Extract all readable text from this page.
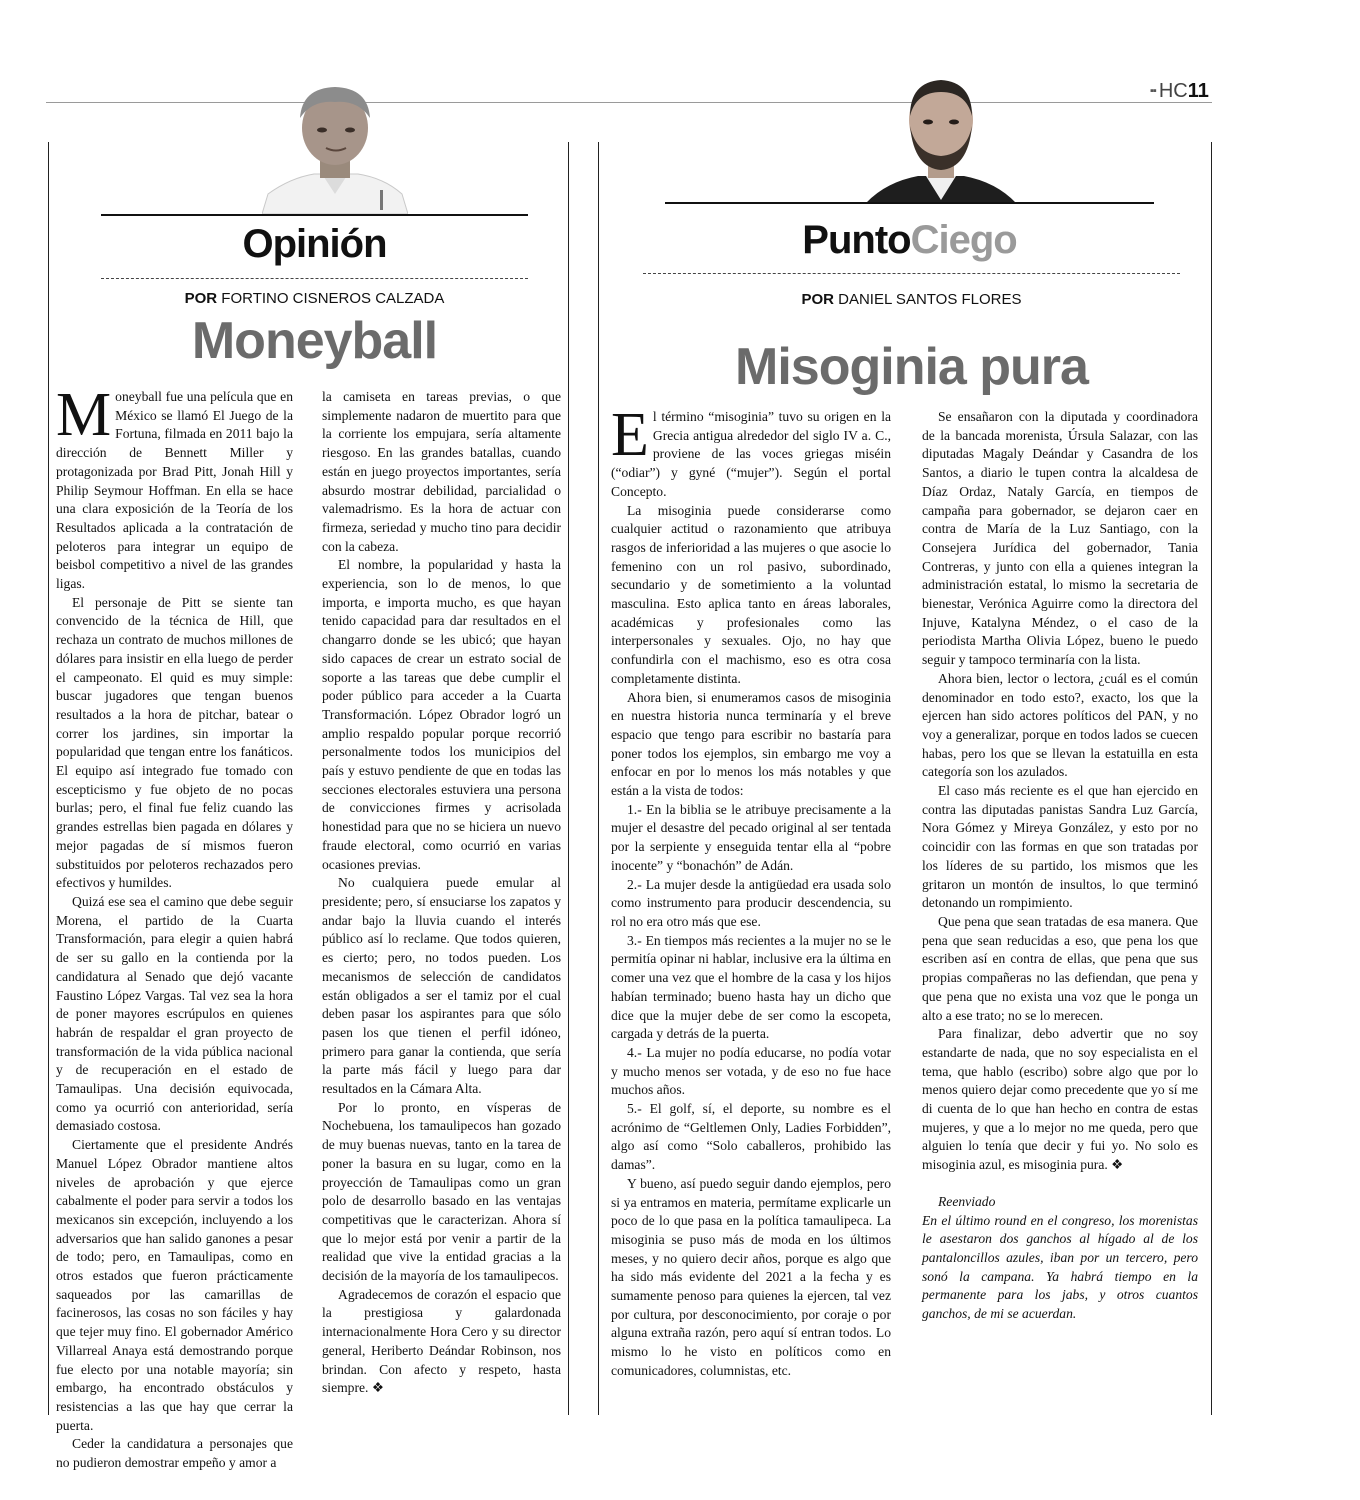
▪▪ HC11
Opinión
POR FORTINO CISNEROS CALZADA
Moneyball

Moneyball fue una película que en México se llamó El Juego de la Fortuna, filmada en 2011 bajo la dirección de Bennett Miller y protagonizada por Brad Pitt, Jonah Hill y Philip Seymour Hoffman. En ella se hace una clara exposición de la Teoría de los Resultados aplicada a la contratación de peloteros para integrar un equipo de beisbol competitivo a nivel de las grandes ligas.

El personaje de Pitt se siente tan convencido de la técnica de Hill, que rechaza un contrato de muchos millones de dólares para insistir en ella luego de perder el campeonato. El quid es muy simple: buscar jugadores que tengan buenos resultados a la hora de pitchar, batear o correr los jardines, sin importar la popularidad que tengan entre los fanáticos. El equipo así integrado fue tomado con escepticismo y fue objeto de no pocas burlas; pero, el final fue feliz cuando las grandes estrellas bien pagada en dólares y mejor pagadas de sí mismos fueron substituidos por peloteros rechazados pero efectivos y humildes.

Quizá ese sea el camino que debe seguir Morena, el partido de la Cuarta Transformación, para elegir a quien habrá de ser su gallo en la contienda por la candidatura al Senado que dejó vacante Faustino López Vargas. Tal vez sea la hora de poner mayores escrúpulos en quienes habrán de respaldar el gran proyecto de transformación de la vida pública nacional y de recuperación en el estado de Tamaulipas. Una decisión equivocada, como ya ocurrió con anterioridad, sería demasiado costosa.

Ciertamente que el presidente Andrés Manuel López Obrador mantiene altos niveles de aprobación y que ejerce cabalmente el poder para servir a todos los mexicanos sin excepción, incluyendo a los adversarios que han salido ganones a pesar de todo; pero, en Tamaulipas, como en otros estados que fueron prácticamente saqueados por las camarillas de facinerosos, las cosas no son fáciles y hay que tejer muy fino. El gobernador Américo Villarreal Anaya está demostrando porque fue electo por una notable mayoría; sin embargo, ha encontrado obstáculos y resistencias a las que hay que cerrar la puerta.

Ceder la candidatura a personajes que no pudieron demostrar empeño y amor a

la camiseta en tareas previas, o que simplemente nadaron de muertito para que la corriente los empujara, sería altamente riesgoso. En las grandes batallas, cuando están en juego proyectos importantes, sería absurdo mostrar debilidad, parcialidad o valemadrismo. Es la hora de actuar con firmeza, seriedad y mucho tino para decidir con la cabeza.

El nombre, la popularidad y hasta la experiencia, son lo de menos, lo que importa, e importa mucho, es que hayan tenido capacidad para dar resultados en el changarro donde se les ubicó; que hayan sido capaces de crear un estrato social de soporte a las tareas que debe cumplir el poder público para acceder a la Cuarta Transformación. López Obrador logró un amplio respaldo popular porque recorrió personalmente todos los municipios del país y estuvo pendiente de que en todas las secciones electorales estuviera una persona de convicciones firmes y acrisolada honestidad para que no se hiciera un nuevo fraude electoral, como ocurrió en varias ocasiones previas.

No cualquiera puede emular al presidente; pero, sí ensuciarse los zapatos y andar bajo la lluvia cuando el interés público así lo reclame. Que todos quieren, es cierto; pero, no todos pueden. Los mecanismos de selección de candidatos están obligados a ser el tamiz por el cual deben pasar los aspirantes para que sólo pasen los que tienen el perfil idóneo, primero para ganar la contienda, que sería la parte más fácil y luego para dar resultados en la Cámara Alta.

Por lo pronto, en vísperas de Nochebuena, los tamaulipecos han gozado de muy buenas nuevas, tanto en la tarea de poner la basura en su lugar, como en la proyección de Tamaulipas como un gran polo de desarrollo basado en las ventajas competitivas que le caracterizan. Ahora sí que lo mejor está por venir a partir de la realidad que vive la entidad gracias a la decisión de la mayoría de los tamaulipecos.

Agradecemos de corazón el espacio que la prestigiosa y galardonada internacionalmente Hora Cero y su director general, Heriberto Deándar Robinson, nos brindan. Con afecto y respeto, hasta siempre. ❖

PuntoCiego
POR DANIEL SANTOS FLORES
Misoginia pura

El término “misoginia” tuvo su origen en la Grecia antigua alrededor del siglo IV a. C., proviene de las voces griegas miséin (“odiar”) y gyné (“mujer”). Según el portal Concepto.

La misoginia puede considerarse como cualquier actitud o razonamiento que atribuya rasgos de inferioridad a las mujeres o que asocie lo femenino con un rol pasivo, subordinado, secundario y de sometimiento a la voluntad masculina. Esto aplica tanto en áreas laborales, académicas y profesionales como las interpersonales y sexuales. Ojo, no hay que confundirla con el machismo, eso es otra cosa completamente distinta.

Ahora bien, si enumeramos casos de misoginia en nuestra historia nunca terminaría y el breve espacio que tengo para escribir no bastaría para poner todos los ejemplos, sin embargo me voy a enfocar en por lo menos los más notables y que están a la vista de todos:

1.- En la biblia se le atribuye precisamente a la mujer el desastre del pecado original al ser tentada por la serpiente y enseguida tentar ella al “pobre inocente” y “bonachón” de Adán.

2.- La mujer desde la antigüedad era usada solo como instrumento para producir descendencia, su rol no era otro más que ese.

3.- En tiempos más recientes a la mujer no se le permitía opinar ni hablar, inclusive era la última en comer una vez que el hombre de la casa y los hijos habían terminado; bueno hasta hay un dicho que dice que la mujer debe de ser como la escopeta, cargada y detrás de la puerta.

4.- La mujer no podía educarse, no podía votar y mucho menos ser votada, y de eso no fue hace muchos años.

5.- El golf, sí, el deporte, su nombre es el acrónimo de “Geltlemen Only, Ladies Forbidden”, algo así como “Solo caballeros, prohibido las damas”.

Y bueno, así puedo seguir dando ejemplos, pero si ya entramos en materia, permítame explicarle un poco de lo que pasa en la política tamaulipeca. La misoginia se puso más de moda en los últimos meses, y no quiero decir años, porque es algo que ha sido más evidente del 2021 a la fecha y es sumamente penoso para quienes la ejercen, tal vez por cultura, por desconocimiento, por coraje o por alguna extraña razón, pero aquí sí entran todos. Lo mismo lo he visto en políticos como en comunicadores, columnistas, etc.

Se ensañaron con la diputada y coordinadora de la bancada morenista, Úrsula Salazar, con las diputadas Magaly Deándar y Casandra de los Santos, a diario le tupen contra la alcaldesa de Díaz Ordaz, Nataly García, en tiempos de campaña para gobernador, se dejaron caer en contra de María de la Luz Santiago, con la Consejera Jurídica del gobernador, Tania Contreras, y junto con ella a quienes integran la administración estatal, lo mismo la secretaria de bienestar, Verónica Aguirre como la directora del Injuve, Katalyna Méndez, o el caso de la periodista Martha Olivia López, bueno le puedo seguir y tampoco terminaría con la lista.

Ahora bien, lector o lectora, ¿cuál es el común denominador en todo esto?, exacto, los que la ejercen han sido actores políticos del PAN, y no voy a generalizar, porque en todos lados se cuecen habas, pero los que se llevan la estatuilla en esta categoría son los azulados.

El caso más reciente es el que han ejercido en contra las diputadas panistas Sandra Luz García, Nora Gómez y Mireya González, y esto por no coincidir con las formas en que son tratadas por los líderes de su partido, los mismos que les gritaron un montón de insultos, lo que terminó detonando un rompimiento.

Que pena que sean tratadas de esa manera. Que pena que sean reducidas a eso, que pena los que escriben así en contra de ellas, que pena que sus propias compañeras no las defiendan, que pena y que pena que no exista una voz que le ponga un alto a ese trato; no se lo merecen.

Para finalizar, debo advertir que no soy estandarte de nada, que no soy especialista en el tema, que hablo (escribo) sobre algo que por lo menos quiero dejar como precedente que yo sí me di cuenta de lo que han hecho en contra de estas mujeres, y que a lo mejor no me queda, pero que alguien lo tenía que decir y fui yo. No solo es misoginia azul, es misoginia pura. ❖

Reenviado

En el último round en el congreso, los morenistas le asestaron dos ganchos al hígado al de los pantaloncillos azules, iban por un tercero, pero sonó la campana. Ya habrá tiempo en la permanente para los jabs, y otros cuantos ganchos, de mi se acuerdan.
